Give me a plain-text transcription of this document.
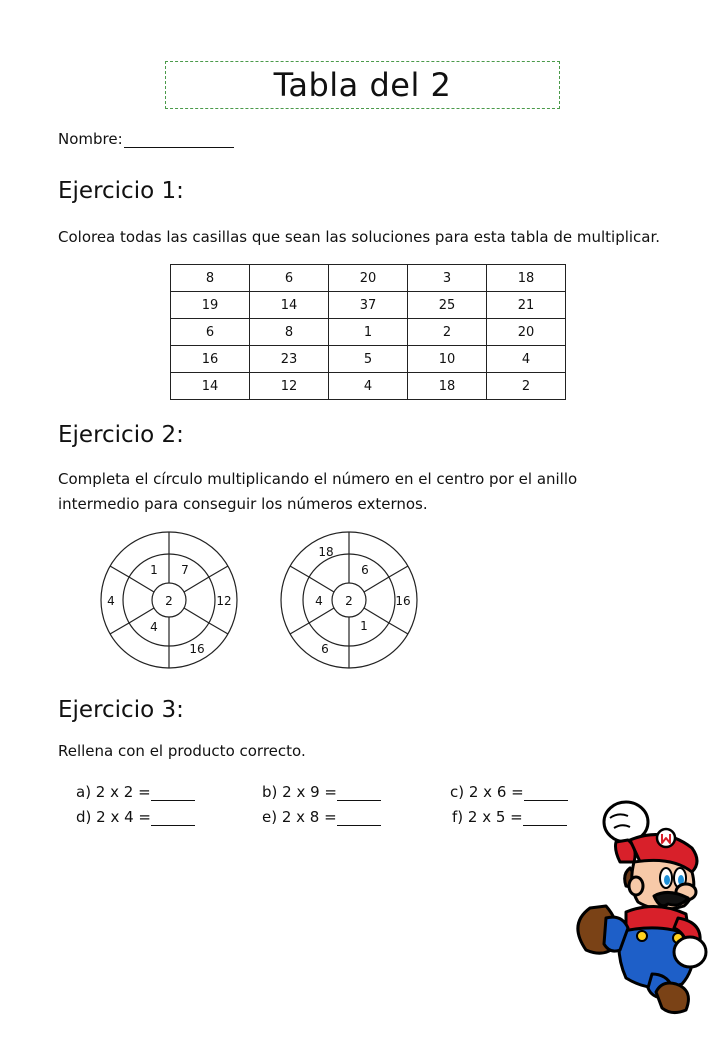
Tabla del 2
Nombre:
Ejercicio 1:
Colorea todas las casillas que sean las soluciones para esta tabla de multiplicar.
8	6	20	3	18
19	14	37	25	21
6	8	1	2	20
16	23	5	10	4
14	12	4	18	2
Ejercicio 2:
Completa el círculo multiplicando el número en el centro por el anillo
intermedio para conseguir los números externos.
2
1 7
4
4	12
16
2
18
6
4
1
16
6
Ejercicio 3:
Rellena con el producto correcto.
a) 2 x 2 =	b) 2 x 9 =	c) 2 x 6 =
d) 2 x 4 =	e) 2 x 8 =	f) 2 x 5 =
